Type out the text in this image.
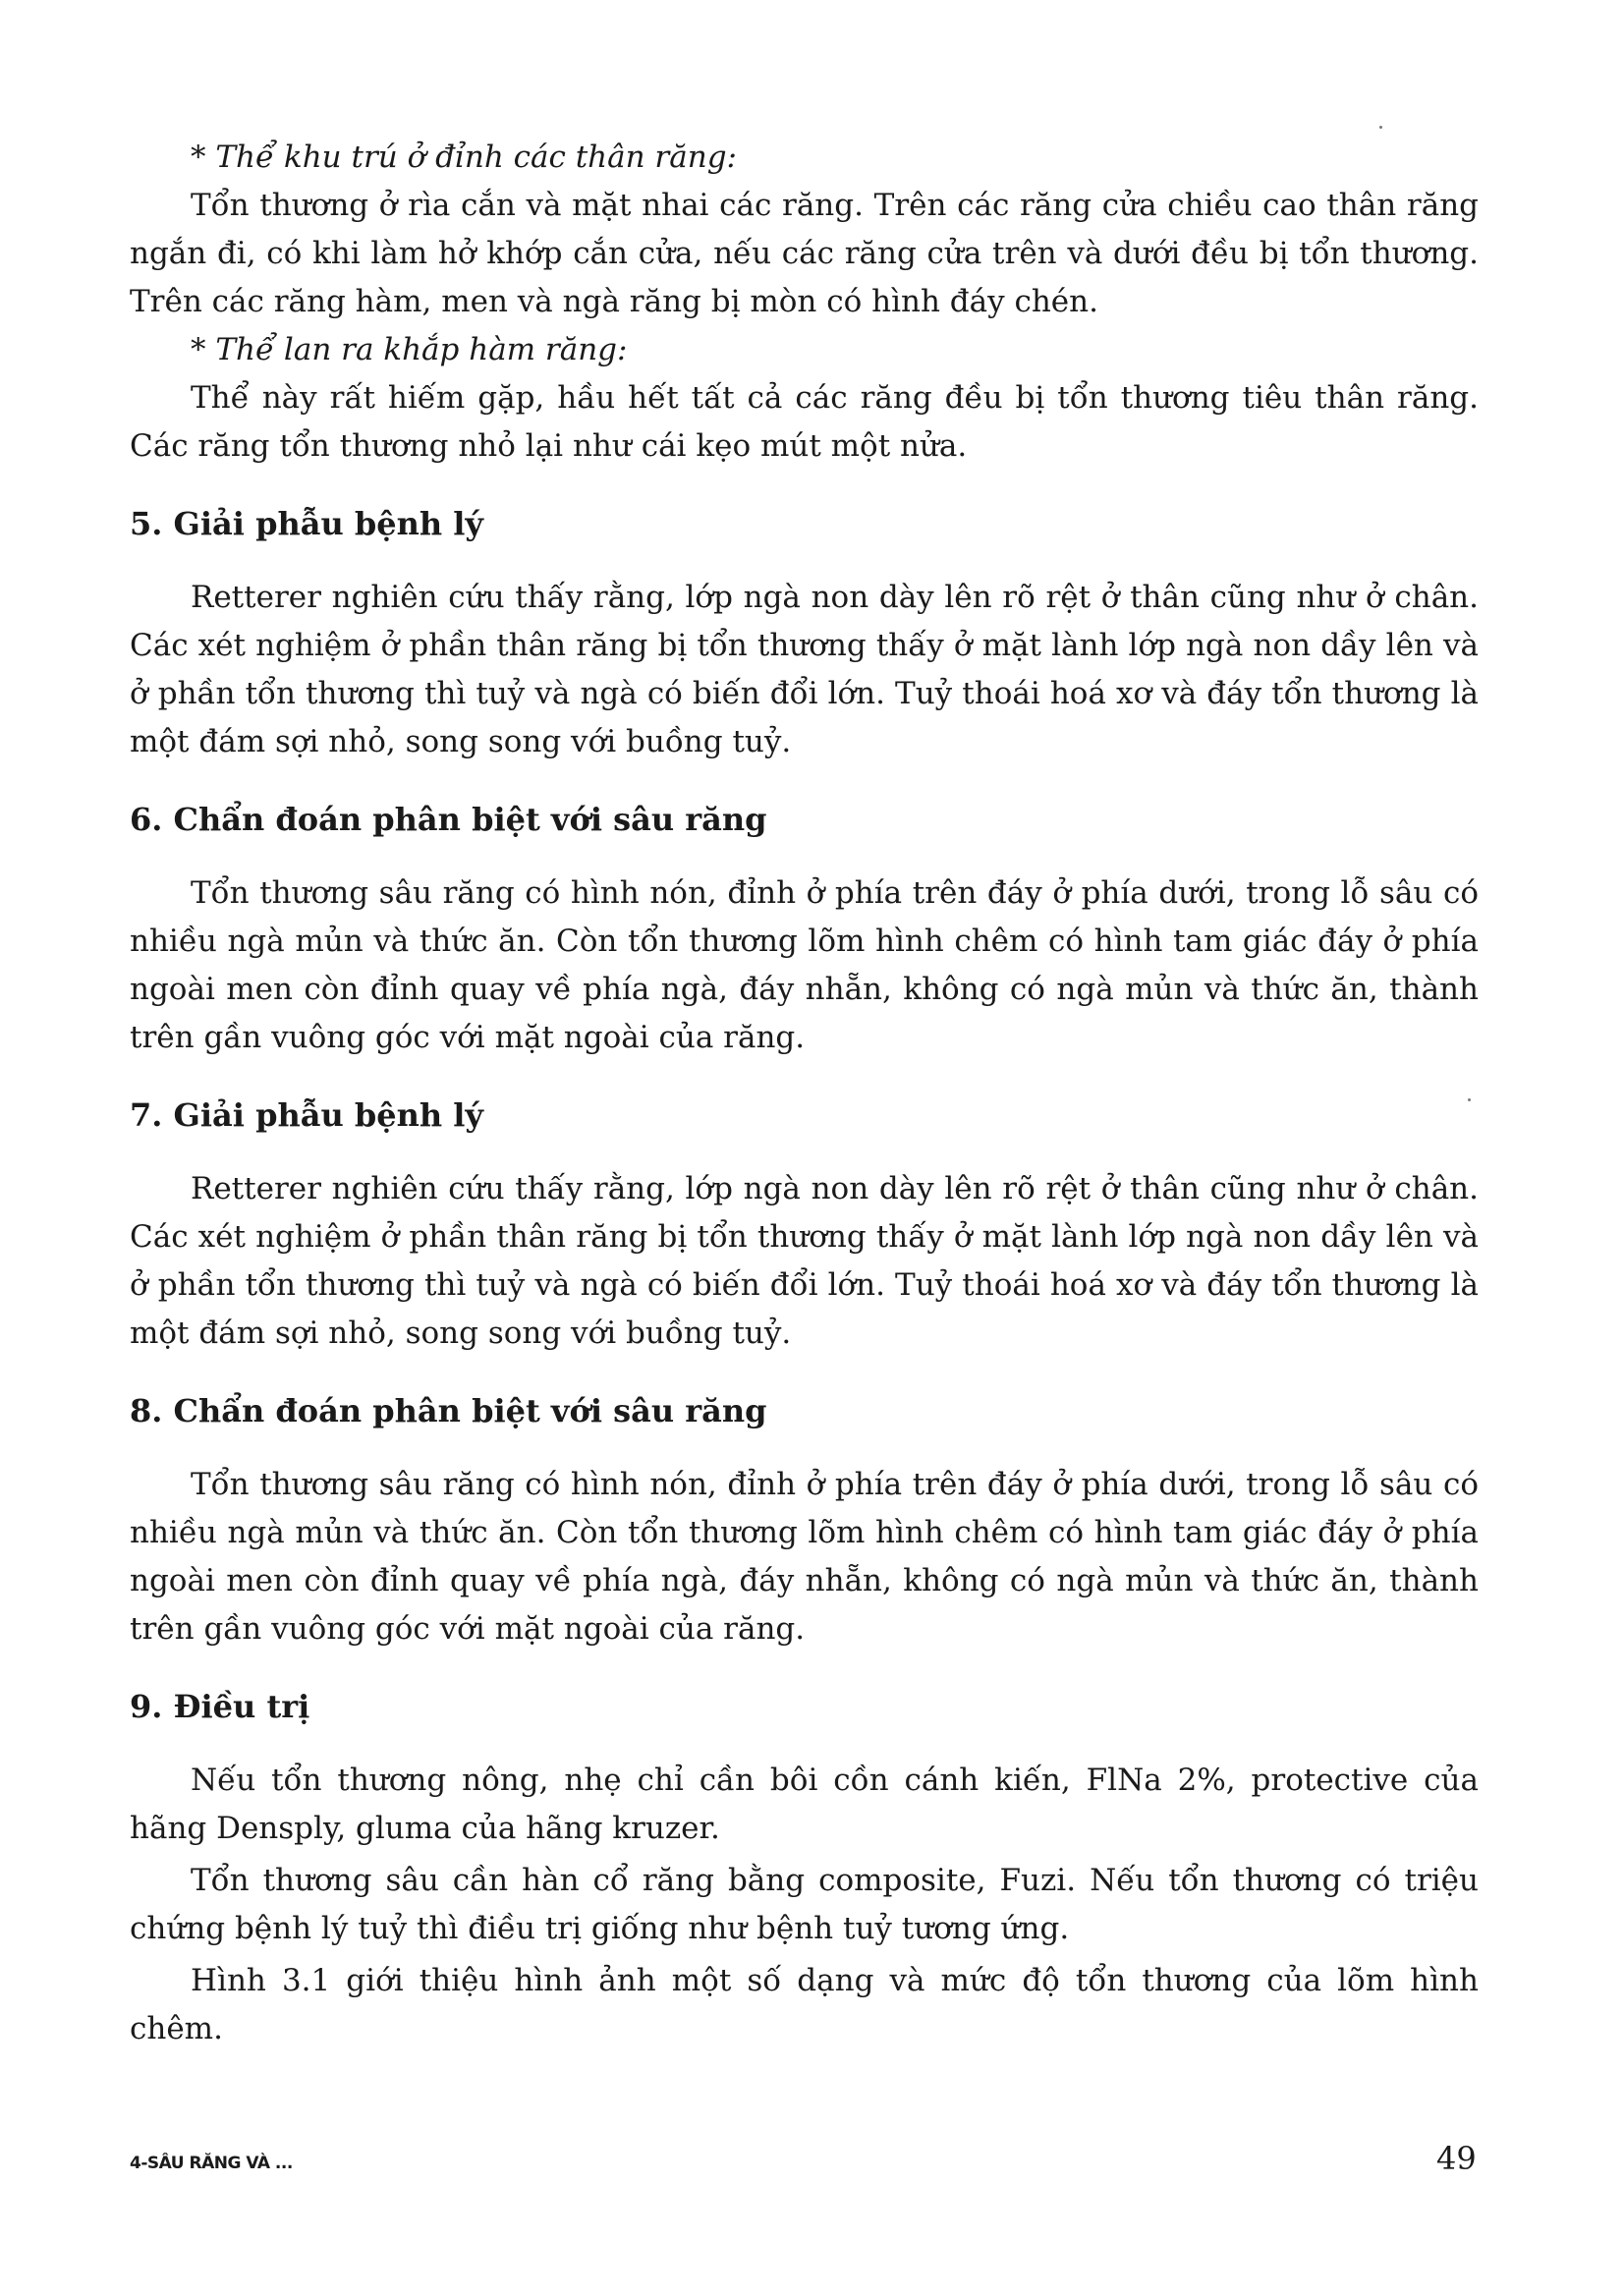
* Thể khu trú ở đỉnh các thân răng:

Tổn thương ở rìa cắn và mặt nhai các răng. Trên các răng cửa chiều cao thân răng ngắn đi, có khi làm hở khớp cắn cửa, nếu các răng cửa trên và dưới đều bị tổn thương. Trên các răng hàm, men và ngà răng bị mòn có hình đáy chén.

* Thể lan ra khắp hàm răng:

Thể này rất hiếm gặp, hầu hết tất cả các răng đều bị tổn thương tiêu thân răng. Các răng tổn thương nhỏ lại như cái kẹo mút một nửa.

5. Giải phẫu bệnh lý

Retterer nghiên cứu thấy rằng, lớp ngà non dày lên rõ rệt ở thân cũng như ở chân. Các xét nghiệm ở phần thân răng bị tổn thương thấy ở mặt lành lớp ngà non dầy lên và ở phần tổn thương thì tuỷ và ngà có biến đổi lớn. Tuỷ thoái hoá xơ và đáy tổn thương là một đám sợi nhỏ, song song với buồng tuỷ.

6. Chẩn đoán phân biệt với sâu răng

Tổn thương sâu răng có hình nón, đỉnh ở phía trên đáy ở phía dưới, trong lỗ sâu có nhiều ngà mủn và thức ăn. Còn tổn thương lõm hình chêm có hình tam giác đáy ở phía ngoài men còn đỉnh quay về phía ngà, đáy nhẵn, không có ngà mủn và thức ăn, thành trên gần vuông góc với mặt ngoài của răng.

7. Giải phẫu bệnh lý

Retterer nghiên cứu thấy rằng, lớp ngà non dày lên rõ rệt ở thân cũng như ở chân. Các xét nghiệm ở phần thân răng bị tổn thương thấy ở mặt lành lớp ngà non dầy lên và ở phần tổn thương thì tuỷ và ngà có biến đổi lớn. Tuỷ thoái hoá xơ và đáy tổn thương là một đám sợi nhỏ, song song với buồng tuỷ.

8. Chẩn đoán phân biệt với sâu răng

Tổn thương sâu răng có hình nón, đỉnh ở phía trên đáy ở phía dưới, trong lỗ sâu có nhiều ngà mủn và thức ăn. Còn tổn thương lõm hình chêm có hình tam giác đáy ở phía ngoài men còn đỉnh quay về phía ngà, đáy nhẵn, không có ngà mủn và thức ăn, thành trên gần vuông góc với mặt ngoài của răng.

9. Điều trị

Nếu tổn thương nông, nhẹ chỉ cần bôi cồn cánh kiến, FlNa 2%, protective của hãng Densply, gluma của hãng kruzer.

Tổn thương sâu cần hàn cổ răng bằng composite, Fuzi. Nếu tổn thương có triệu chứng bệnh lý tuỷ thì điều trị giống như bệnh tuỷ tương ứng.

Hình 3.1 giới thiệu hình ảnh một số dạng và mức độ tổn thương của lõm hình chêm.

4-SÂU RĂNG VÀ ...	49
